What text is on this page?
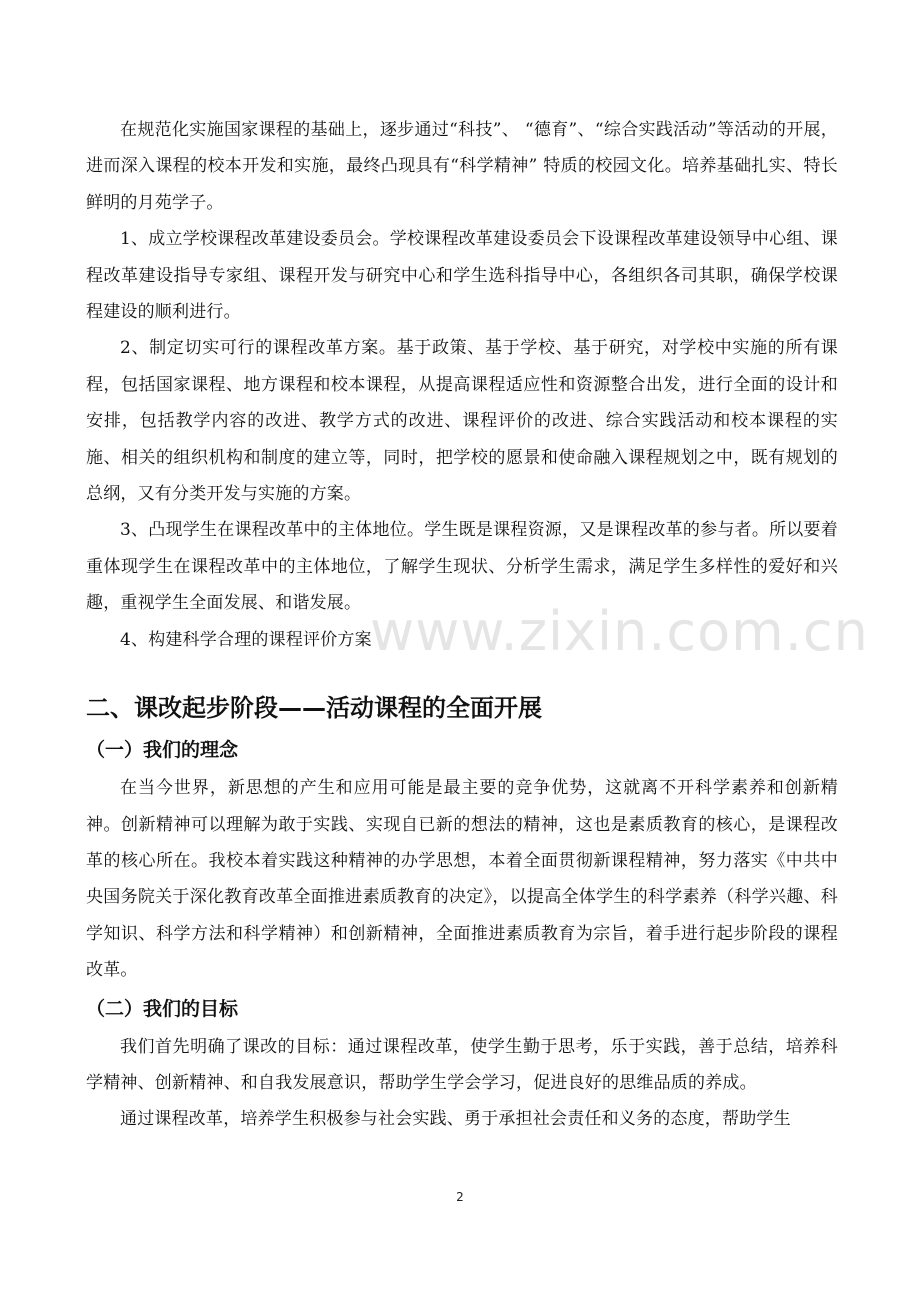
在规范化实施国家课程的基础上，逐步通过“科技”、 “德育”、“综合实践活动”等活动的开展，进而深入课程的校本开发和实施，最终凸现具有“科学精神” 特质的校园文化。培养基础扎实、特长鲜明的月苑学子。

1、成立学校课程改革建设委员会。学校课程改革建设委员会下设课程改革建设领导中心组、课程改革建设指导专家组、课程开发与研究中心和学生选科指导中心，各组织各司其职，确保学校课程建设的顺利进行。

2、制定切实可行的课程改革方案。基于政策、基于学校、基于研究，对学校中实施的所有课程，包括国家课程、地方课程和校本课程，从提高课程适应性和资源整合出发，进行全面的设计和安排，包括教学内容的改进、教学方式的改进、课程评价的改进、综合实践活动和校本课程的实施、相关的组织机构和制度的建立等，同时，把学校的愿景和使命融入课程规划之中，既有规划的总纲，又有分类开发与实施的方案。

3、凸现学生在课程改革中的主体地位。学生既是课程资源，又是课程改革的参与者。所以要着重体现学生在课程改革中的主体地位，了解学生现状、分析学生需求，满足学生多样性的爱好和兴趣，重视学生全面发展、和谐发展。

4、构建科学合理的课程评价方案

二、课改起步阶段——活动课程的全面开展
（一）我们的理念

在当今世界，新思想的产生和应用可能是最主要的竞争优势，这就离不开科学素养和创新精神。创新精神可以理解为敢于实践、实现自已新的想法的精神，这也是素质教育的核心，是课程改革的核心所在。我校本着实践这种精神的办学思想，本着全面贯彻新课程精神，努力落实《中共中央国务院关于深化教育改革全面推进素质教育的决定》，以提高全体学生的科学素养（科学兴趣、科学知识、科学方法和科学精神）和创新精神，全面推进素质教育为宗旨，着手进行起步阶段的课程改革。

（二）我们的目标

我们首先明确了课改的目标：通过课程改革，使学生勤于思考，乐于实践，善于总结，培养科学精神、创新精神、和自我发展意识，帮助学生学会学习，促进良好的思维品质的养成。

通过课程改革，培养学生积极参与社会实践、勇于承担社会责任和义务的态度，帮助学生

www.zixin.com.cn
2
